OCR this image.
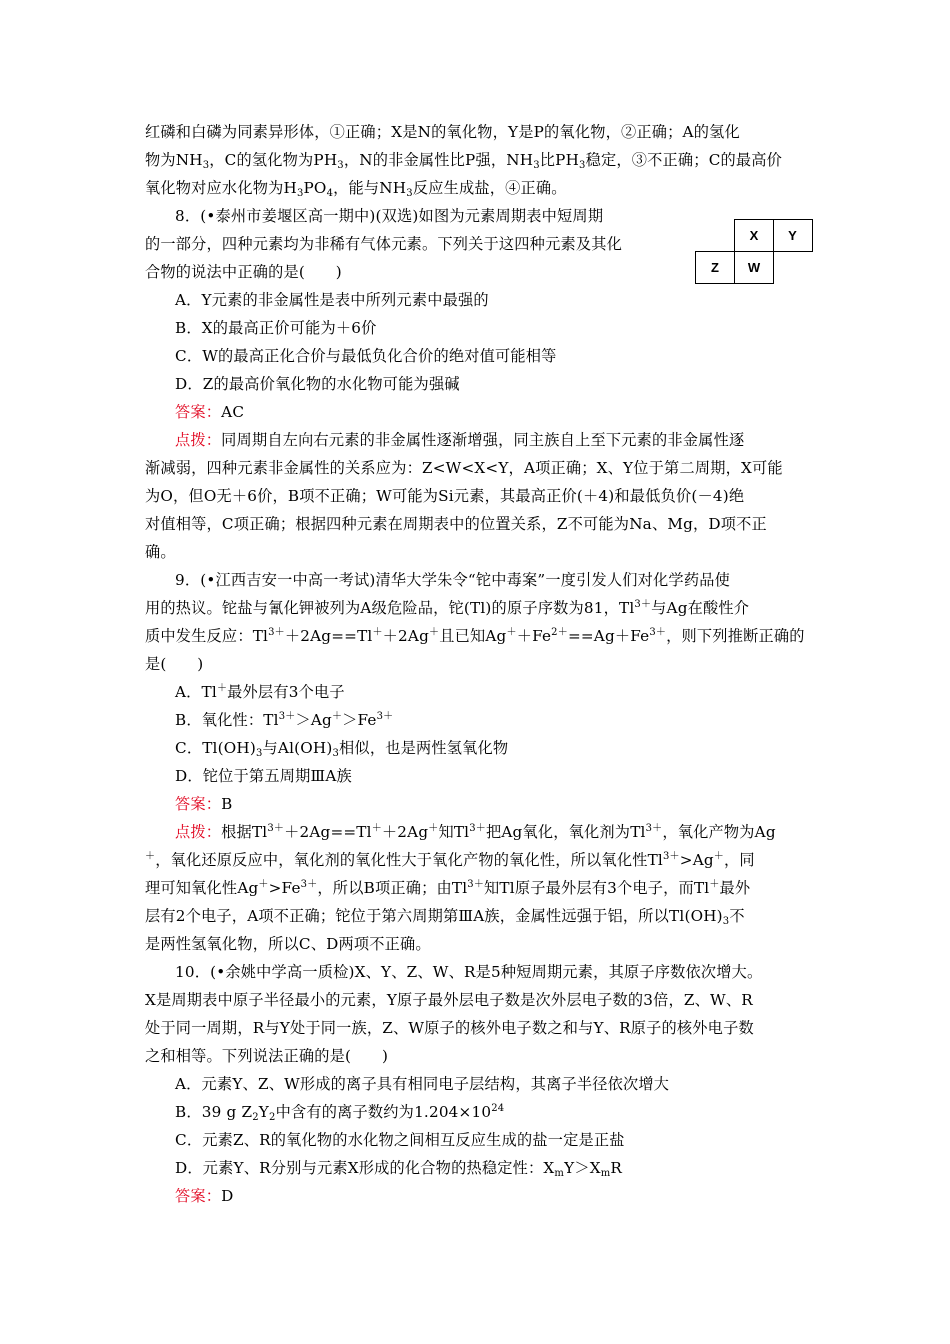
红磷和白磷为同素异形体，①正确；X是N的氧化物，Y是P的氧化物，②正确；A的氢化
物为$NH_3$，C的氢化物为$PH_3$，N的非金属性比P强，$NH_3$比$PH_3$稳定，③不正确；C的最高价
氧化物对应水化物为$H_3PO_4$，能与$NH_3$反应生成盐，④正确。
8．(•泰州市姜堰区高一期中)(双选)如图为元素周期表中短周期
的一部分，四种元素均为非稀有气体元素。下列关于这四种元素及其化
合物的说法中正确的是(　　)
X	Y
Z	W
A．Y元素的非金属性是表中所列元素中最强的
B．X的最高正价可能为＋6价
C．W的最高正化合价与最低负化合价的绝对值可能相等
D．Z的最高价氧化物的水化物可能为强碱
答案：AC
点拨：同周期自左向右元素的非金属性逐渐增强，同主族自上至下元素的非金属性逐
渐减弱，四种元素非金属性的关系应为：Z<W<X<Y，A项正确；X、Y位于第二周期，X可能
为O，但O无＋6价，B项不正确；W可能为Si元素，其最高正价(＋4)和最低负价(－4)绝
对值相等，C项正确；根据四种元素在周期表中的位置关系，Z不可能为Na、Mg，D项不正
确。
9．(•江西吉安一中高一考试)清华大学朱令“铊中毒案”一度引发人们对化学药品使
用的热议。铊盐与氰化钾被列为A级危险品，铊(Tl)的原子序数为81，$Tl^{3+}$与Ag在酸性介
质中发生反应：$Tl^{3+}+2Ag==Tl^++2Ag^+$且已知$Ag^++Fe^{2+}==Ag+Fe^{3+}$，则下列推断正确的
是(　　)
A．Tl＋最外层有3个电子
B．氧化性：$Tl^{3+}>Ag^+>Fe^{3+}$
C．$Tl(OH)_3$与$Al(OH)_3$相似，也是两性氢氧化物
D．铊位于第五周期ⅢA族
答案：B
点拨：根据$Tl^{3+}+2Ag==Tl^++2Ag^+$知$Tl^{3+}$把Ag氧化，氧化剂为$Tl^{3+}$，氧化产物为Ag
＋，氧化还原反应中，氧化剂的氧化性大于氧化产物的氧化性，所以氧化性$Tl^{3+}>Ag^+$，同
理可知氧化性$Ag^+>Fe^{3+}$，所以B项正确；由$Tl^{3+}$知Tl原子最外层有3个电子，而Tl＋最外
层有2个电子，A项不正确；铊位于第六周期第ⅢA族，金属性远强于铝，所以$Tl(OH)_3$不
是两性氢氧化物，所以C、D两项不正确。
10．(•余姚中学高一质检)X、Y、Z、W、R是5种短周期元素，其原子序数依次增大。
X是周期表中原子半径最小的元素，Y原子最外层电子数是次外层电子数的3倍，Z、W、R
处于同一周期，R与Y处于同一族，Z、W原子的核外电子数之和与Y、R原子的核外电子数
之和相等。下列说法正确的是(　　)
A．元素Y、Z、W形成的离子具有相同电子层结构，其离子半径依次增大
B．39 g $Z_2Y_2$中含有的离子数约为$1.204\times 10^{24}$
C．元素Z、R的氧化物的水化物之间相互反应生成的盐一定是正盐
D．元素Y、R分别与元素X形成的化合物的热稳定性：$X_mY>X_mR$
答案：D
